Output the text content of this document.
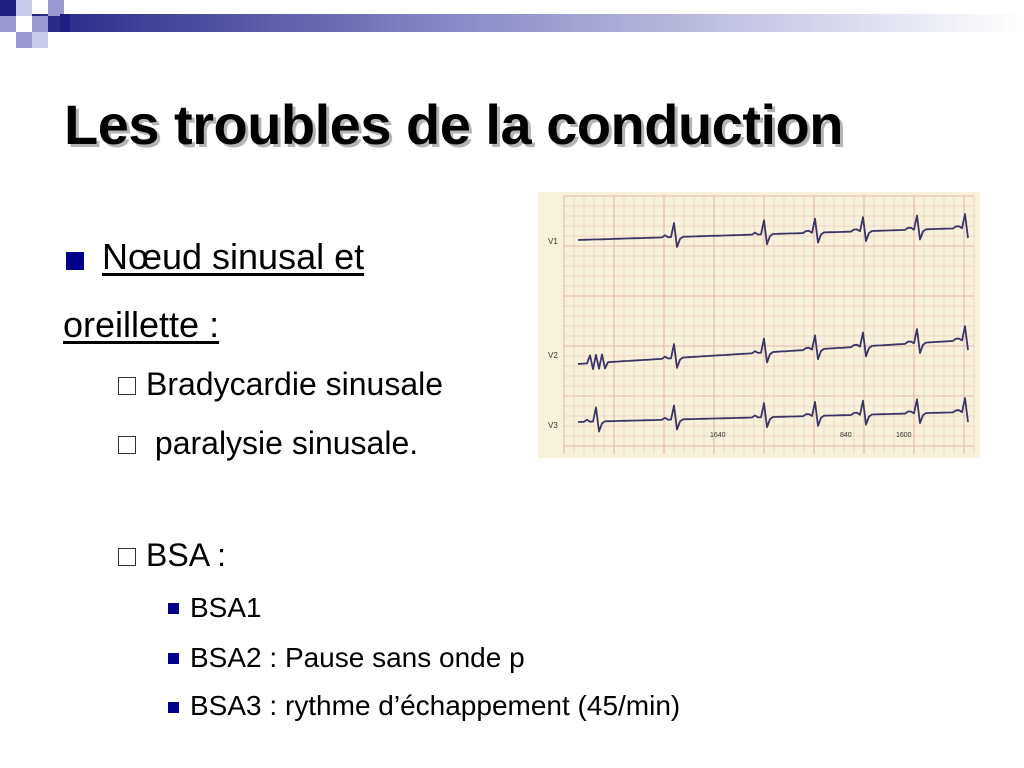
Les troubles de la conduction
Nœud sinusal et
oreillette :
Bradycardie sinusale
paralysie sinusale.
BSA :
BSA1
BSA2 : Pause sans onde p
BSA3 : rythme d’échappement (45/min)
V1
V2
V3
1640	840	1600
